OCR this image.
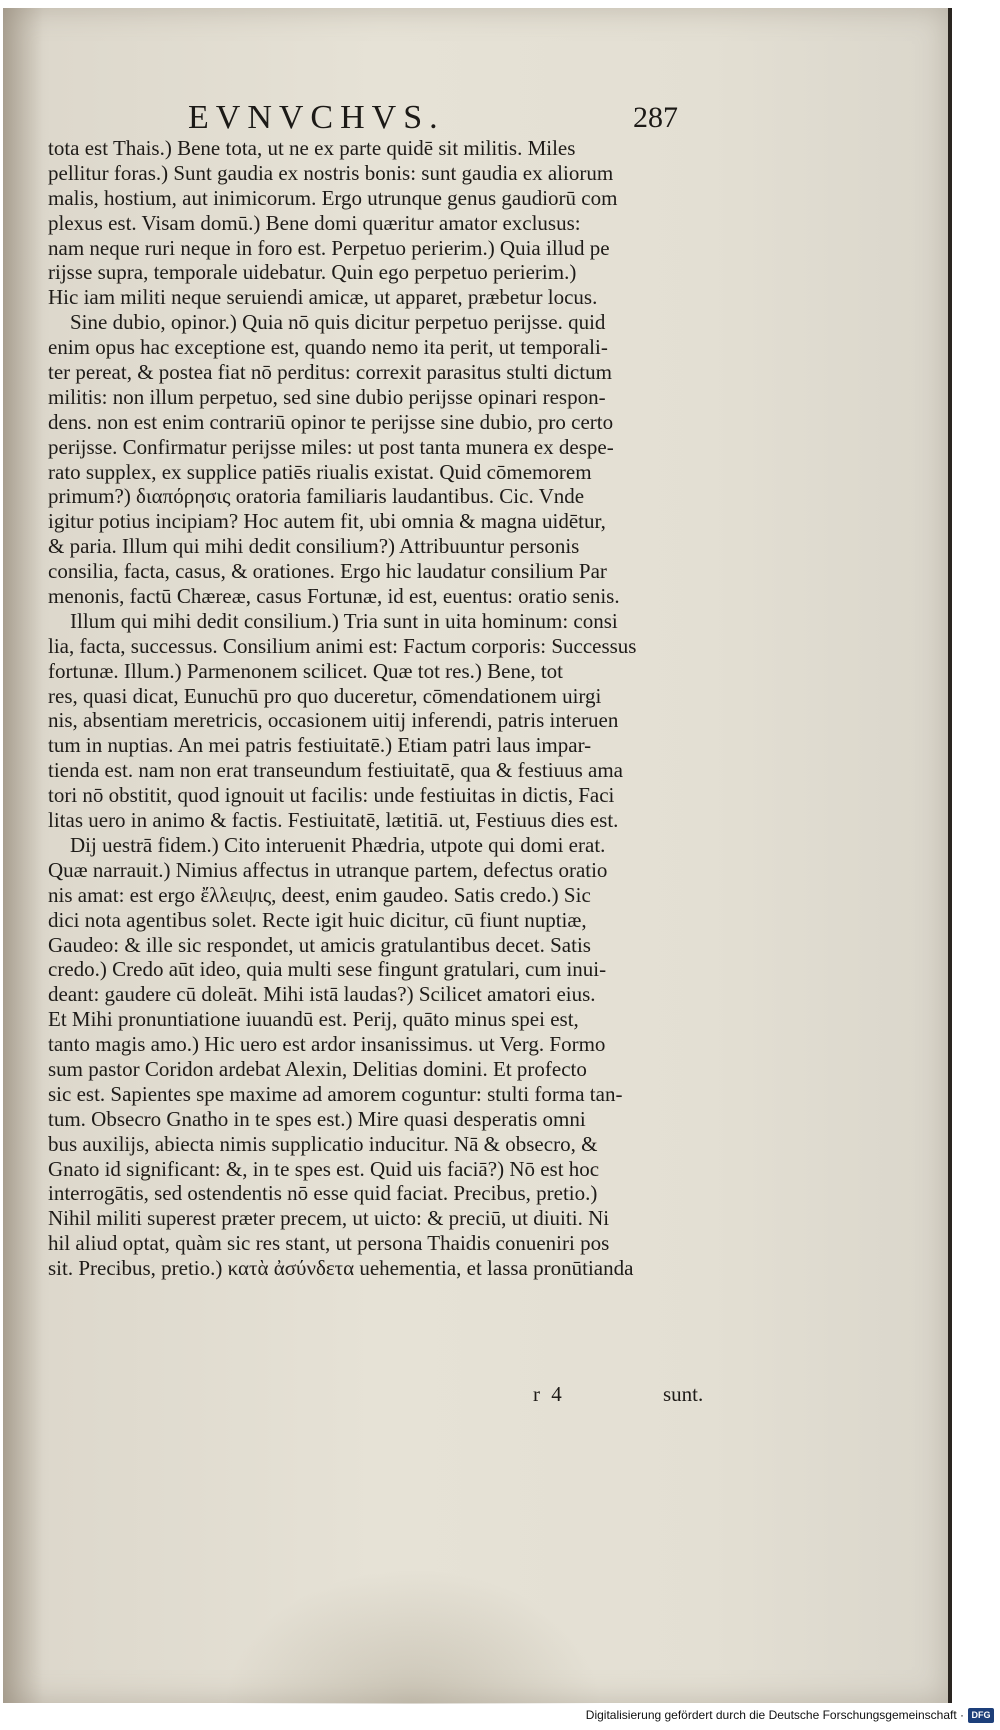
EVNVCHVS.	287
tota est Thais.) Bene tota, ut ne ex parte quidē sit militis. Miles
pellitur foras.) Sunt gaudia ex nostris bonis: sunt gaudia ex aliorum
malis, hostium, aut inimicorum. Ergo utrunque genus gaudiorū com
plexus est. Visam domū.) Bene domi quæritur amator exclusus:
nam neque ruri neque in foro est. Perpetuo perierim.) Quia illud pe
rijsse supra, temporale uidebatur. Quin ego perpetuo perierim.)
Hic iam militi neque seruiendi amicæ, ut apparet, præbetur locus.
Sine dubio, opinor.) Quia nō quis dicitur perpetuo perijsse. quid
enim opus hac exceptione est, quando nemo ita perit, ut temporali-
ter pereat, & postea fiat nō perditus: correxit parasitus stulti dictum
militis: non illum perpetuo, sed sine dubio perijsse opinari respon-
dens. non est enim contrariū opinor te perijsse sine dubio, pro certo
perijsse. Confirmatur perijsse miles: ut post tanta munera ex despe-
rato supplex, ex supplice patiēs riualis existat. Quid cōmemorem
primum?) διαπόρησις oratoria familiaris laudantibus. Cic. Vnde
igitur potius incipiam? Hoc autem fit, ubi omnia & magna uidētur,
& paria. Illum qui mihi dedit consilium?) Attribuuntur personis
consilia, facta, casus, & orationes. Ergo hic laudatur consilium Par
menonis, factū Chæreæ, casus Fortunæ, id est, euentus: oratio senis.
Illum qui mihi dedit consilium.) Tria sunt in uita hominum: consi
lia, facta, successus. Consilium animi est: Factum corporis: Successus
fortunæ. Illum.) Parmenonem scilicet. Quæ tot res.) Bene, tot
res, quasi dicat, Eunuchū pro quo duceretur, cōmendationem uirgi
nis, absentiam meretricis, occasionem uitij inferendi, patris interuen
tum in nuptias. An mei patris festiuitatē.) Etiam patri laus impar-
tienda est. nam non erat transeundum festiuitatē, qua & festiuus ama
tori nō obstitit, quod ignouit ut facilis: unde festiuitas in dictis, Faci
litas uero in animo & factis. Festiuitatē, lætitiā. ut, Festiuus dies est.
Dij uestrā fidem.) Cito interuenit Phædria, utpote qui domi erat.
Quæ narrauit.) Nimius affectus in utranque partem, defectus oratio
nis amat: est ergo ἔλλειψις, deest, enim gaudeo. Satis credo.) Sic
dici nota agentibus solet. Recte igit huic dicitur, cū fiunt nuptiæ,
Gaudeo: & ille sic respondet, ut amicis gratulantibus decet. Satis
credo.) Credo aūt ideo, quia multi sese fingunt gratulari, cum inui-
deant: gaudere cū doleāt. Mihi istā laudas?) Scilicet amatori eius.
Et Mihi pronuntiatione iuuandū est. Perij, quāto minus spei est,
tanto magis amo.) Hic uero est ardor insanissimus. ut Verg. Formo
sum pastor Coridon ardebat Alexin, Delitias domini. Et profecto
sic est. Sapientes spe maxime ad amorem coguntur: stulti forma tan-
tum. Obsecro Gnatho in te spes est.) Mire quasi desperatis omni
bus auxilijs, abiecta nimis supplicatio inducitur. Nā & obsecro, &
Gnato id significant: &, in te spes est. Quid uis faciā?) Nō est hoc
interrogātis, sed ostendentis nō esse quid faciat. Precibus, pretio.)
Nihil militi superest præter precem, ut uicto: & preciū, ut diuiti. Ni
hil aliud optat, quàm sic res stant, ut persona Thaidis conueniri pos
sit. Precibus, pretio.) κατὰ ἀσύνδετα uehementia, et lassa pronūtianda
r 4	sunt.
Digitalisierung gefördert durch die Deutsche Forschungsgemeinschaft · DFG
